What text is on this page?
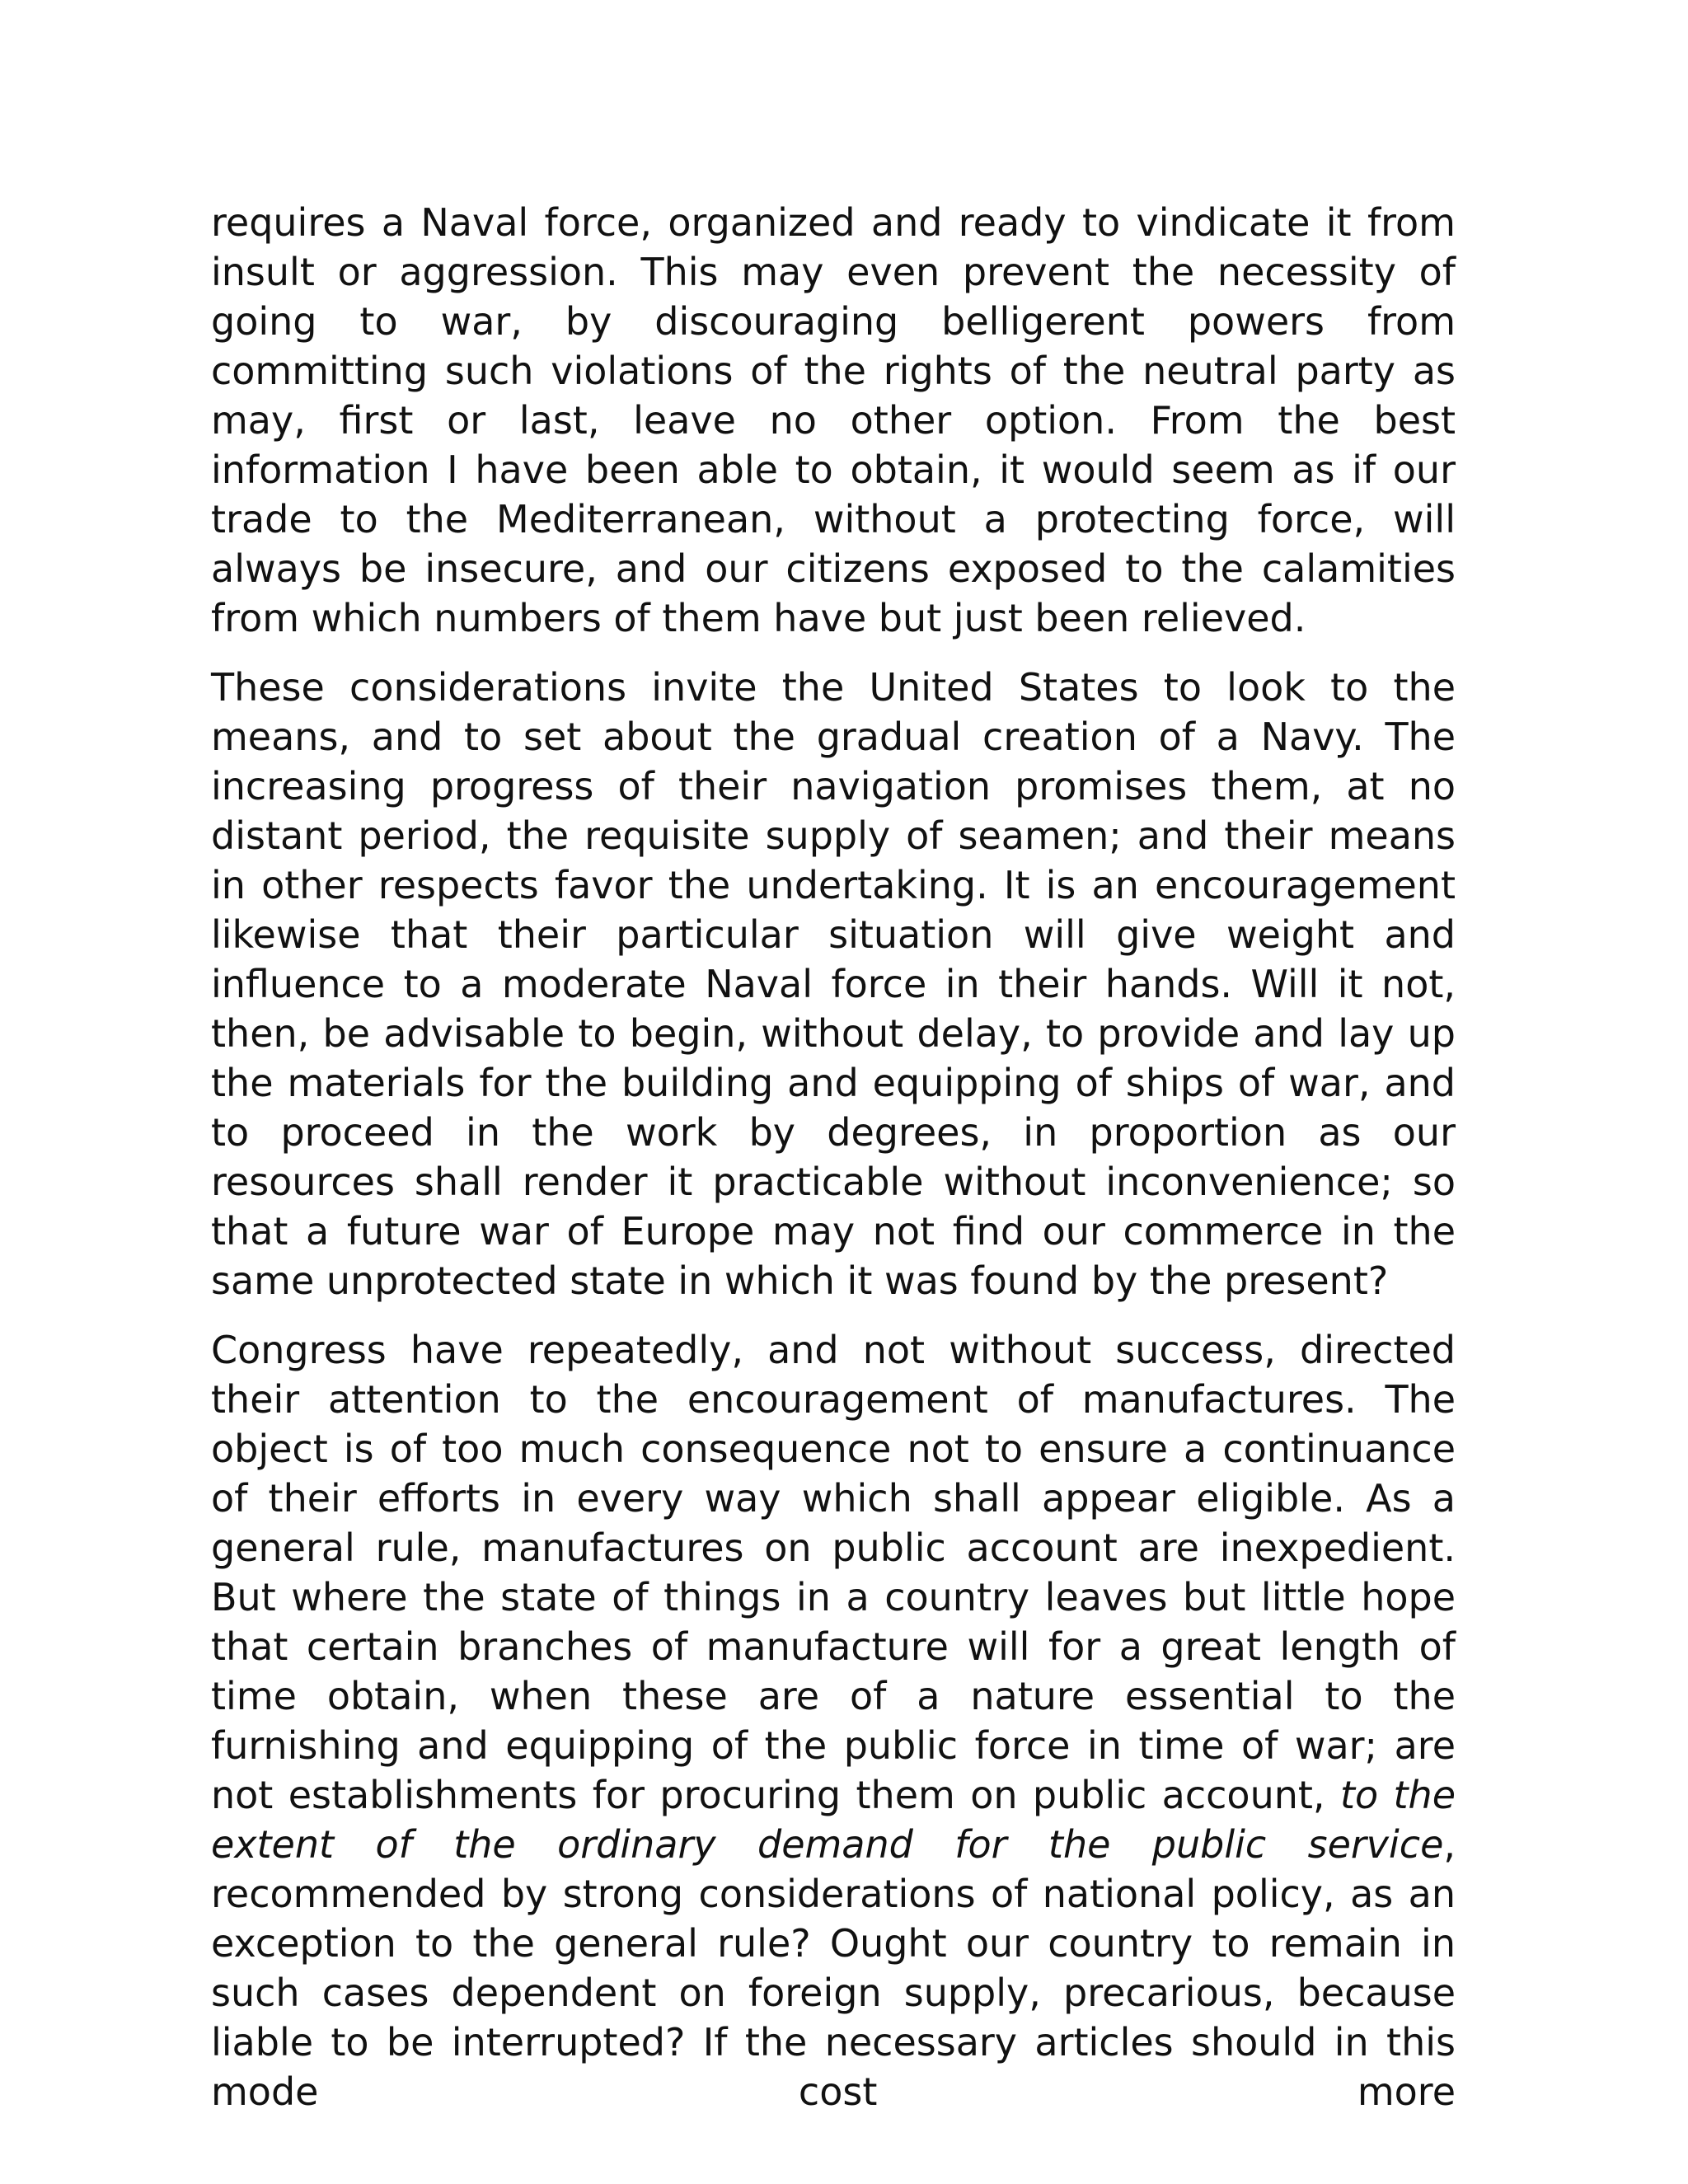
requires a Naval force, organized and ready to vindicate it from insult or aggression. This may even prevent the necessity of going to war, by discouraging belligerent powers from committing such violations of the rights of the neutral party as may, first or last, leave no other option. From the best information I have been able to obtain, it would seem as if our trade to the Mediterranean, without a protecting force, will always be insecure, and our citizens exposed to the calamities from which numbers of them have but just been relieved.

These considerations invite the United States to look to the means, and to set about the gradual creation of a Navy. The increasing progress of their navigation promises them, at no distant period, the requisite supply of seamen; and their means in other respects favor the undertaking. It is an encouragement likewise that their particular situation will give weight and influence to a moderate Naval force in their hands. Will it not, then, be advisable to begin, without delay, to provide and lay up the materials for the building and equipping of ships of war, and to proceed in the work by degrees, in proportion as our resources shall render it practicable without inconvenience; so that a future war of Europe may not find our commerce in the same unprotected state in which it was found by the present?

Congress have repeatedly, and not without success, directed their attention to the encouragement of manufactures. The object is of too much consequence not to ensure a continuance of their efforts in every way which shall appear eligible. As a general rule, manufactures on public account are inexpedient. But where the state of things in a country leaves but little hope that certain branches of manufacture will for a great length of time obtain, when these are of a nature essential to the furnishing and equipping of the public force in time of war; are not establishments for procuring them on public account, to the extent of the ordinary demand for the public service, recommended by strong considerations of national policy, as an exception to the general rule? Ought our country to remain in such cases dependent on foreign supply, precarious, because liable to be interrupted? If the necessary articles should in this mode cost more
